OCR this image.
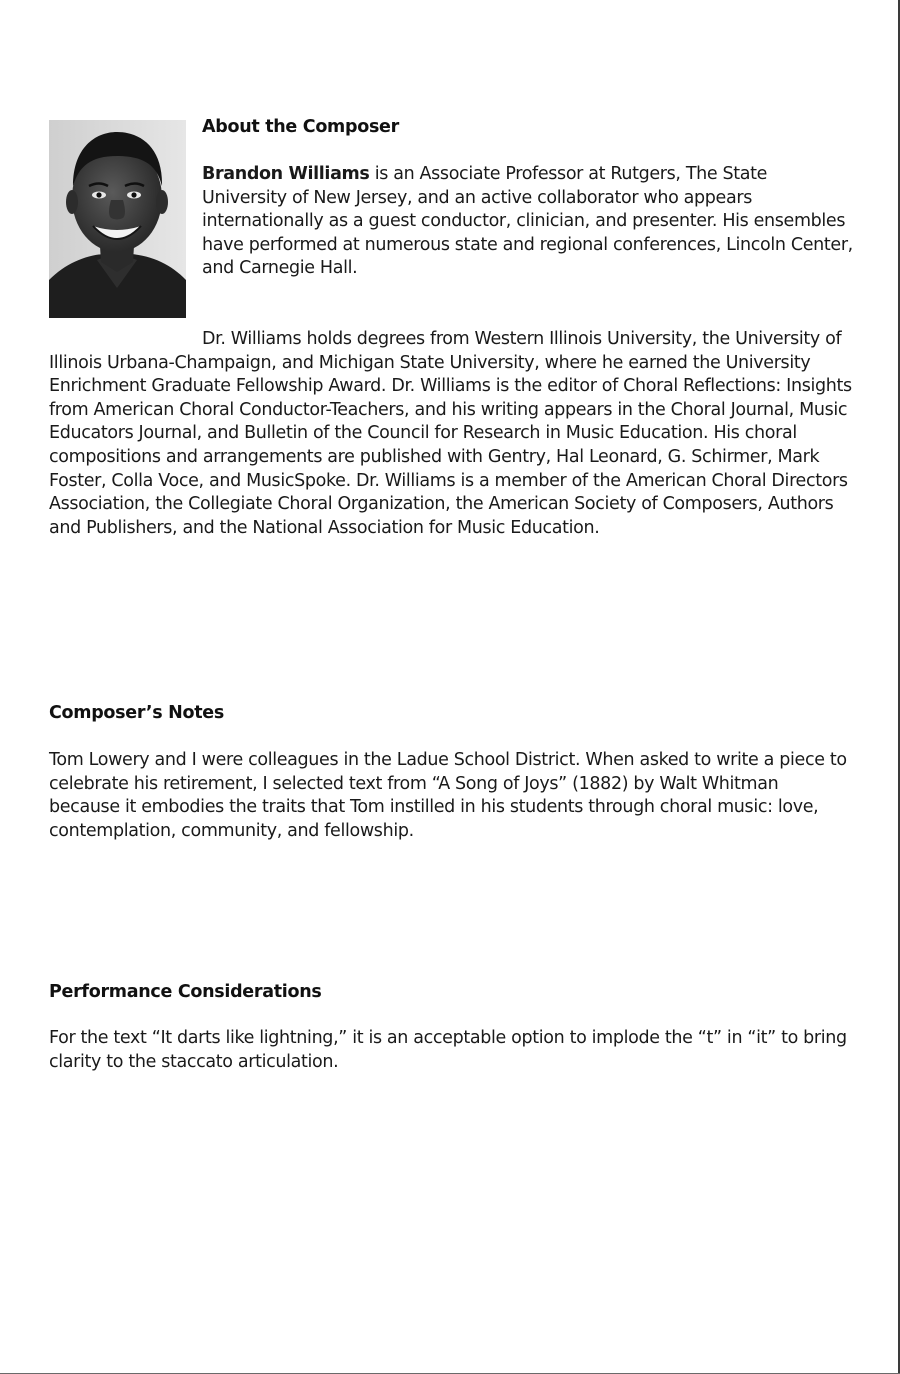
About the Composer
Brandon Williams is an Associate Professor at Rutgers, The State University of New Jersey, and an active collaborator who appears internationally as a guest conductor, clinician, and presenter. His ensembles have performed at numerous state and regional conferences, Lincoln Center, and Carnegie Hall.
Dr. Williams holds degrees from Western Illinois University, the University of Illinois Urbana-Champaign, and Michigan State University, where he earned the University Enrichment Graduate Fellowship Award. Dr. Williams is the editor of Choral Reflections: Insights from American Choral Conductor-Teachers, and his writing appears in the Choral Journal, Music Educators Journal, and Bulletin of the Council for Research in Music Education. His choral compositions and arrangements are published with Gentry, Hal Leonard, G. Schirmer, Mark Foster, Colla Voce, and MusicSpoke. Dr. Williams is a member of the American Choral Directors Association, the Collegiate Choral Organization, the American Society of Composers, Authors and Publishers, and the National Association for Music Education.
Composer’s Notes
Tom Lowery and I were colleagues in the Ladue School District. When asked to write a piece to celebrate his retirement, I selected text from “A Song of Joys” (1882) by Walt Whitman because it embodies the traits that Tom instilled in his students through choral music: love, contemplation, community, and fellowship.
Performance Considerations
For the text “It darts like lightning,” it is an acceptable option to implode the “t” in “it” to bring clarity to the staccato articulation.
